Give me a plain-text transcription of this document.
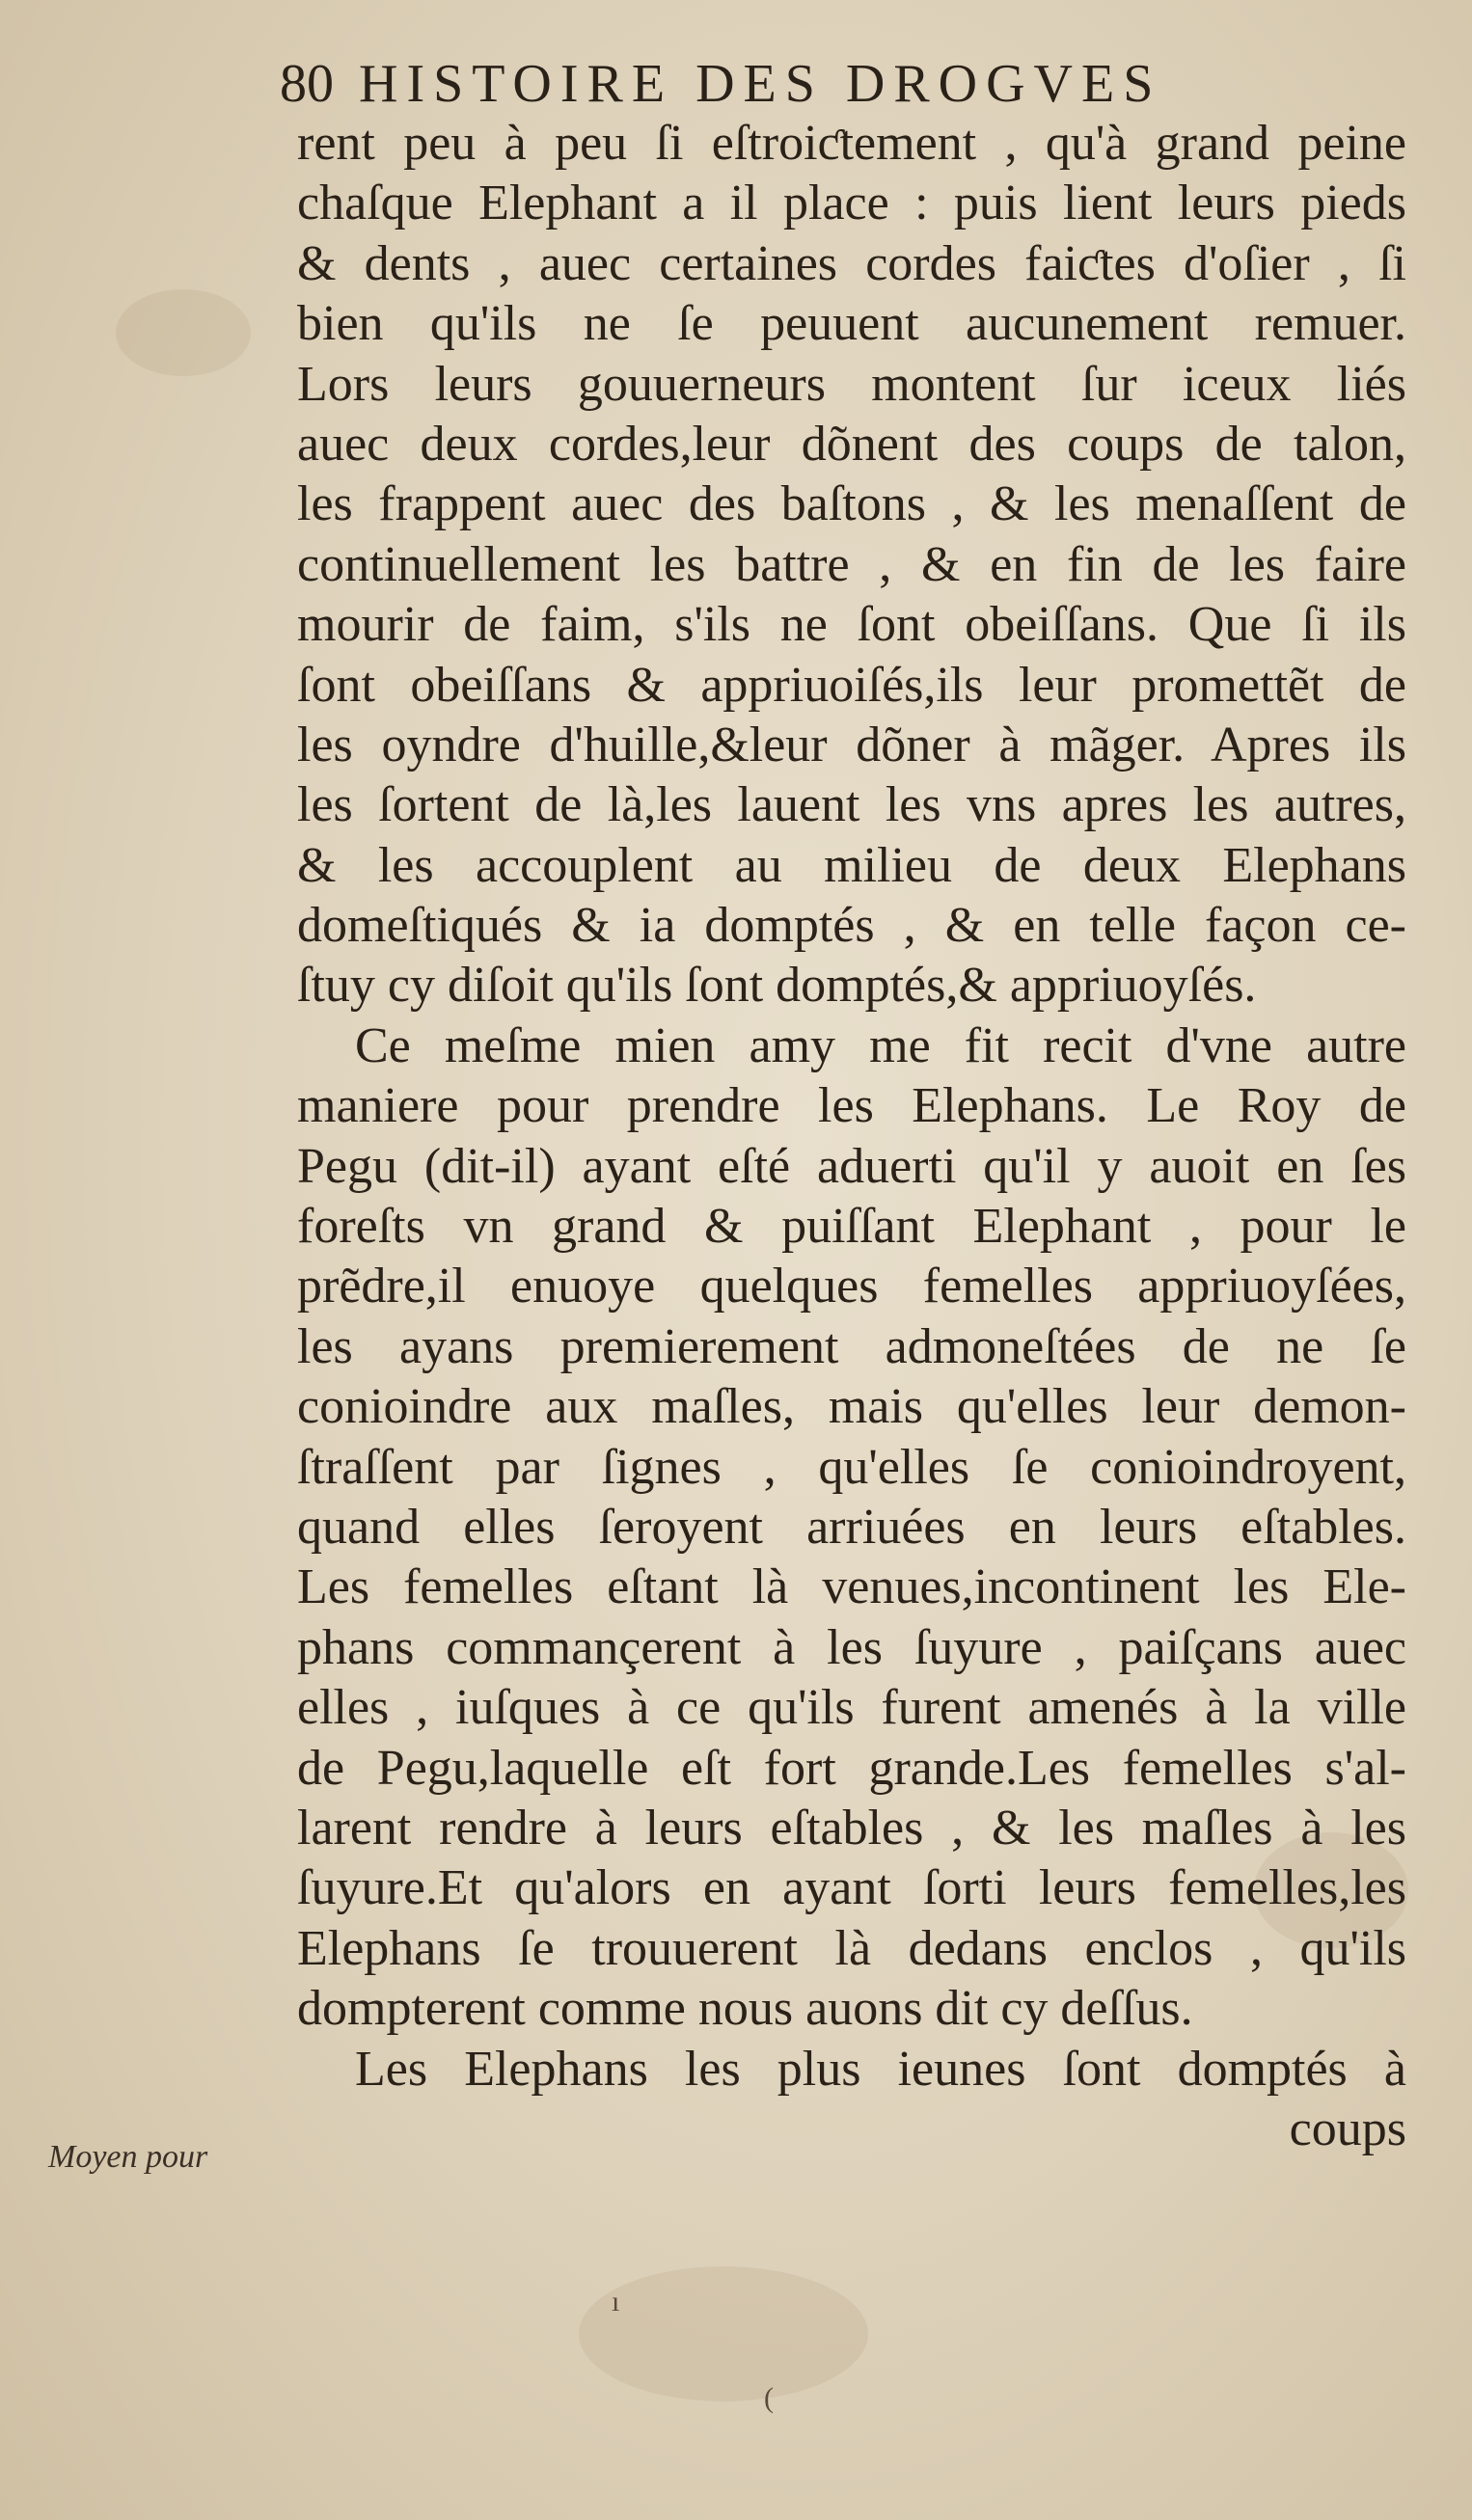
80 HISTOIRE DES DROGVES
rent peu à peu ſi eſtroiƈtement , qu'à grand peine
chaſque Elephant a il place : puis lient leurs pieds
& dents , auec certaines cordes faiƈtes d'oſier , ſi
bien qu'ils ne ſe peuuent aucunement remuer.
Lors leurs gouuerneurs montent ſur iceux liés
auec deux cordes,leur dõnent des coups de talon,
les frappent auec des baſtons , & les menaſſent de
continuellement les battre , & en fin de les faire
mourir de faim, s'ils ne ſont obeiſſans. Que ſi ils
ſont obeiſſans & appriuoiſés,ils leur promettẽt de
les oyndre d'huille,&leur dõner à mãger. Apres ils
les ſortent de là,les lauent les vns apres les autres,
& les accouplent au milieu de deux Elephans
domeſtiqués & ia domptés , & en telle façon ce-
ſtuy cy diſoit qu'ils ſont domptés,& appriuoyſés.
Ce meſme mien amy me fit recit d'vne autre
maniere pour prendre les Elephans. Le Roy de
Pegu (dit-il) ayant eſté aduerti qu'il y auoit en ſes
foreſts vn grand & puiſſant Elephant , pour le
prẽdre,il enuoye quelques femelles appriuoyſées,
les ayans premierement admoneſtées de ne ſe
conioindre aux maſles, mais qu'elles leur demon-
ſtraſſent par ſignes , qu'elles ſe conioindroyent,
quand elles ſeroyent arriuées en leurs eſtables.
Les femelles eſtant là venues,incontinent les Ele-
phans commançerent à les ſuyure , paiſçans auec
elles , iuſques à ce qu'ils furent amenés à la ville
de Pegu,laquelle eſt fort grande.Les femelles s'al-
larent rendre à leurs eſtables , & les maſles à les
ſuyure.Et qu'alors en ayant ſorti leurs femelles,les
Elephans ſe trouuerent là dedans enclos , qu'ils
dompterent comme nous auons dit cy deſſus.
Les Elephans les plus ieunes ſont domptés à
coups
Moyen pour
ı
(
